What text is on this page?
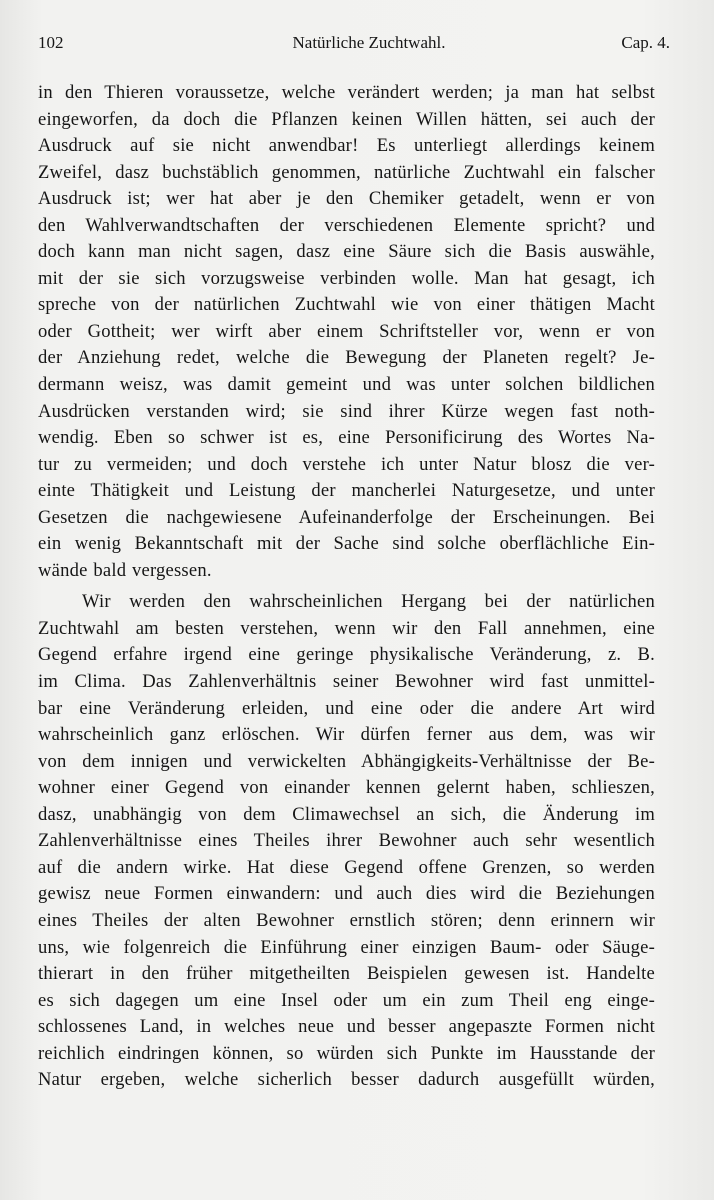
102	Natürliche Zuchtwahl.	Cap. 4.
in den Thieren voraussetze, welche verändert werden; ja man hat selbst
eingeworfen, da doch die Pflanzen keinen Willen hätten, sei auch der
Ausdruck auf sie nicht anwendbar! Es unterliegt allerdings keinem
Zweifel, dasz buchstäblich genommen, natürliche Zuchtwahl ein falscher
Ausdruck ist; wer hat aber je den Chemiker getadelt, wenn er von
den Wahlverwandtschaften der verschiedenen Elemente spricht? und
doch kann man nicht sagen, dasz eine Säure sich die Basis auswähle,
mit der sie sich vorzugsweise verbinden wolle. Man hat gesagt, ich
spreche von der natürlichen Zuchtwahl wie von einer thätigen Macht
oder Gottheit; wer wirft aber einem Schriftsteller vor, wenn er von
der Anziehung redet, welche die Bewegung der Planeten regelt? Je-
dermann weisz, was damit gemeint und was unter solchen bildlichen
Ausdrücken verstanden wird; sie sind ihrer Kürze wegen fast noth-
wendig. Eben so schwer ist es, eine Personificirung des Wortes Na-
tur zu vermeiden; und doch verstehe ich unter Natur blosz die ver-
einte Thätigkeit und Leistung der mancherlei Naturgesetze, und unter
Gesetzen die nachgewiesene Aufeinanderfolge der Erscheinungen. Bei
ein wenig Bekanntschaft mit der Sache sind solche oberflächliche Ein-
wände bald vergessen.
Wir werden den wahrscheinlichen Hergang bei der natürlichen
Zuchtwahl am besten verstehen, wenn wir den Fall annehmen, eine
Gegend erfahre irgend eine geringe physikalische Veränderung, z. B.
im Clima. Das Zahlenverhältnis seiner Bewohner wird fast unmittel-
bar eine Veränderung erleiden, und eine oder die andere Art wird
wahrscheinlich ganz erlöschen. Wir dürfen ferner aus dem, was wir
von dem innigen und verwickelten Abhängigkeits-Verhältnisse der Be-
wohner einer Gegend von einander kennen gelernt haben, schlieszen,
dasz, unabhängig von dem Climawechsel an sich, die Änderung im
Zahlenverhältnisse eines Theiles ihrer Bewohner auch sehr wesentlich
auf die andern wirke. Hat diese Gegend offene Grenzen, so werden
gewisz neue Formen einwandern: und auch dies wird die Beziehungen
eines Theiles der alten Bewohner ernstlich stören; denn erinnern wir
uns, wie folgenreich die Einführung einer einzigen Baum- oder Säuge-
thierart in den früher mitgetheilten Beispielen gewesen ist. Handelte
es sich dagegen um eine Insel oder um ein zum Theil eng einge-
schlossenes Land, in welches neue und besser angepaszte Formen nicht
reichlich eindringen können, so würden sich Punkte im Hausstande der
Natur ergeben, welche sicherlich besser dadurch ausgefüllt würden,
